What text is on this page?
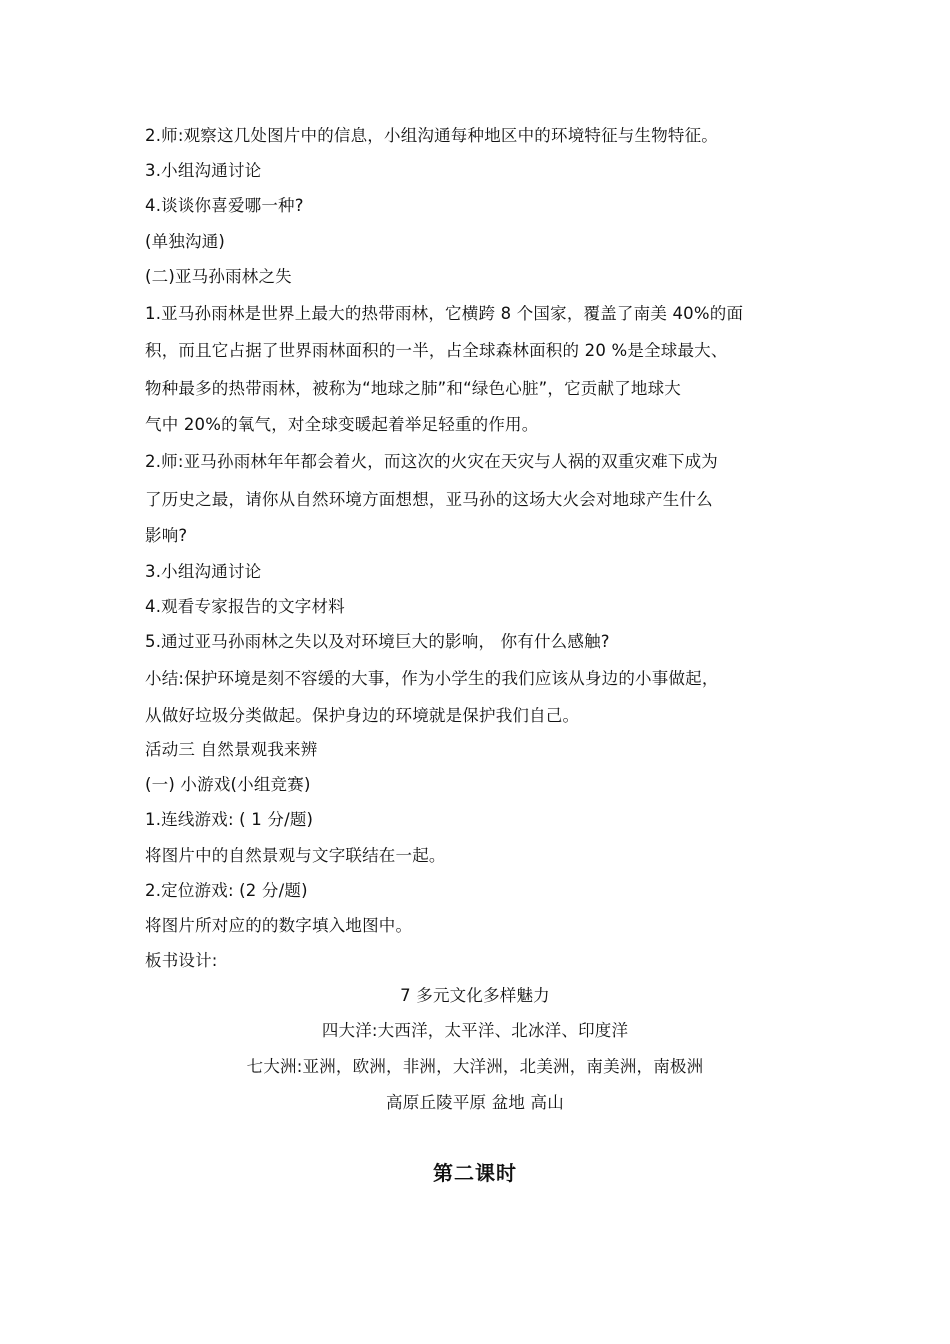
2.师:观察这几处图片中的信息，小组沟通每种地区中的环境特征与生物特征。
3.小组沟通讨论
4.谈谈你喜爱哪一种?
(单独沟通)
(二)亚马孙雨林之失
1.亚马孙雨林是世界上最大的热带雨林，它横跨 8 个国家，覆盖了南美 40%的面
积，而且它占据了世界雨林面积的一半，占全球森林面积的 20 %是全球最大、
物种最多的热带雨林，被称为“地球之肺”和“绿色心脏”，它贡献了地球大
气中 20%的氧气，对全球变暖起着举足轻重的作用。
2.师:亚马孙雨林年年都会着火，而这次的火灾在天灾与人祸的双重灾难下成为
了历史之最，请你从自然环境方面想想，亚马孙的这场大火会对地球产生什么
影响?
3.小组沟通讨论
4.观看专家报告的文字材料
5.通过亚马孙雨林之失以及对环境巨大的影响， 你有什么感触?
小结:保护环境是刻不容缓的大事，作为小学生的我们应该从身边的小事做起，
从做好垃圾分类做起。保护身边的环境就是保护我们自己。
活动三 自然景观我来辨
(一) 小游戏(小组竞赛)
1.连线游戏: ( 1 分/题)
将图片中的自然景观与文字联结在一起。
2.定位游戏: (2 分/题)
将图片所对应的的数字填入地图中。
板书设计:
7 多元文化多样魅力
四大洋:大西洋，太平洋、北冰洋、印度洋
七大洲:亚洲，欧洲，非洲，大洋洲，北美洲，南美洲，南极洲
高原丘陵平原 盆地 高山
第二课时
